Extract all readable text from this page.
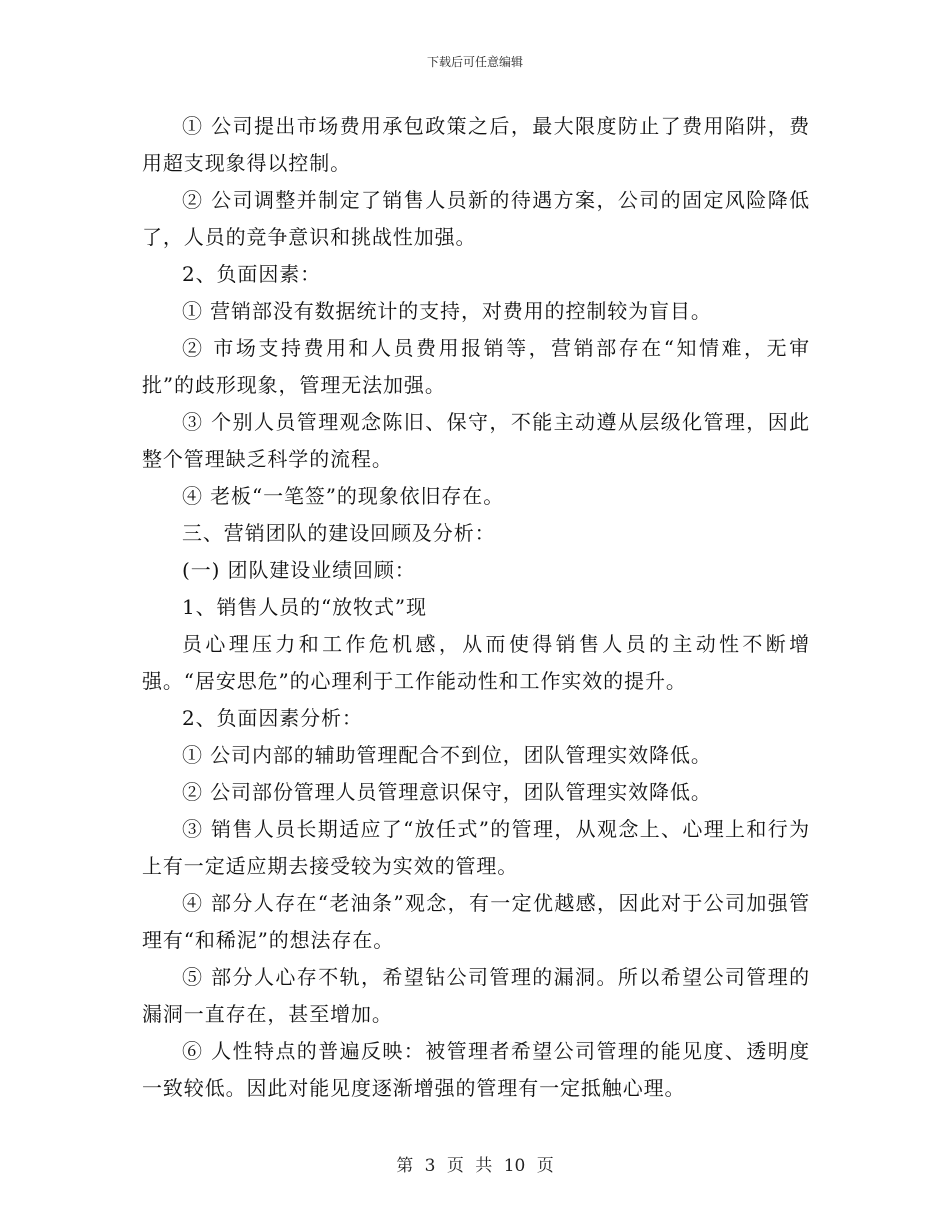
下载后可任意编辑

① 公司提出市场费用承包政策之后，最大限度防止了费用陷阱，费用超支现象得以控制。

② 公司调整并制定了销售人员新的待遇方案，公司的固定风险降低了，人员的竞争意识和挑战性加强。

2、负面因素：

① 营销部没有数据统计的支持，对费用的控制较为盲目。

② 市场支持费用和人员费用报销等，营销部存在“知情难，无审批”的歧形现象，管理无法加强。

③ 个别人员管理观念陈旧、保守，不能主动遵从层级化管理，因此整个管理缺乏科学的流程。

④ 老板“一笔签”的现象依旧存在。

三、营销团队的建设回顾及分析：

(一) 团队建设业绩回顾：

1、销售人员的“放牧式”现

员心理压力和工作危机感，从而使得销售人员的主动性不断增强。“居安思危”的心理利于工作能动性和工作实效的提升。

2、负面因素分析：

① 公司内部的辅助管理配合不到位，团队管理实效降低。

② 公司部份管理人员管理意识保守，团队管理实效降低。

③ 销售人员长期适应了“放任式”的管理，从观念上、心理上和行为上有一定适应期去接受较为实效的管理。

④ 部分人存在“老油条”观念，有一定优越感，因此对于公司加强管理有“和稀泥”的想法存在。

⑤ 部分人心存不轨，希望钻公司管理的漏洞。所以希望公司管理的漏洞一直存在，甚至增加。

⑥ 人性特点的普遍反映：被管理者希望公司管理的能见度、透明度一致较低。因此对能见度逐渐增强的管理有一定抵触心理。

第 3 页 共 10 页
